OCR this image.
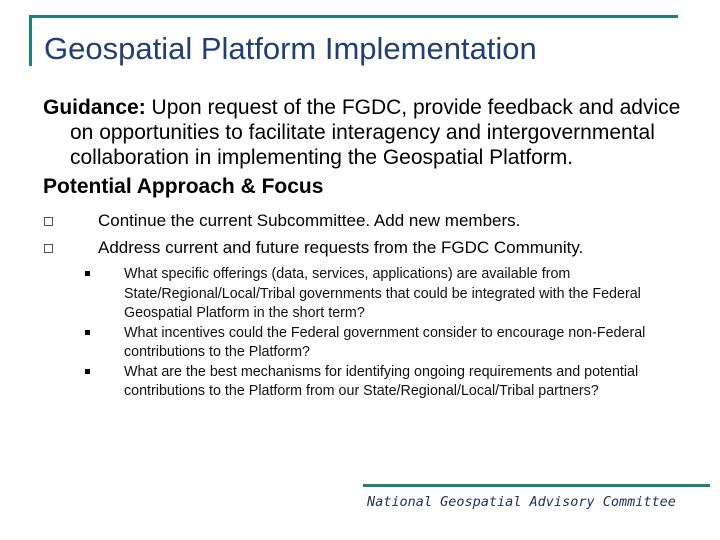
Geospatial Platform Implementation

Guidance: Upon request of the FGDC, provide feedback and advice on opportunities to facilitate interagency and intergovernmental collaboration in implementing the Geospatial Platform.

Potential Approach & Focus

Continue the current Subcommittee. Add new members.
Address current and future requests from the FGDC Community.
What specific offerings (data, services, applications) are available from State/Regional/Local/Tribal governments that could be integrated with the Federal Geospatial Platform in the short term?
What incentives could the Federal government consider to encourage non-Federal contributions to the Platform?
What are the best mechanisms for identifying ongoing requirements and potential contributions to the Platform from our State/Regional/Local/Tribal partners?
National Geospatial Advisory Committee
